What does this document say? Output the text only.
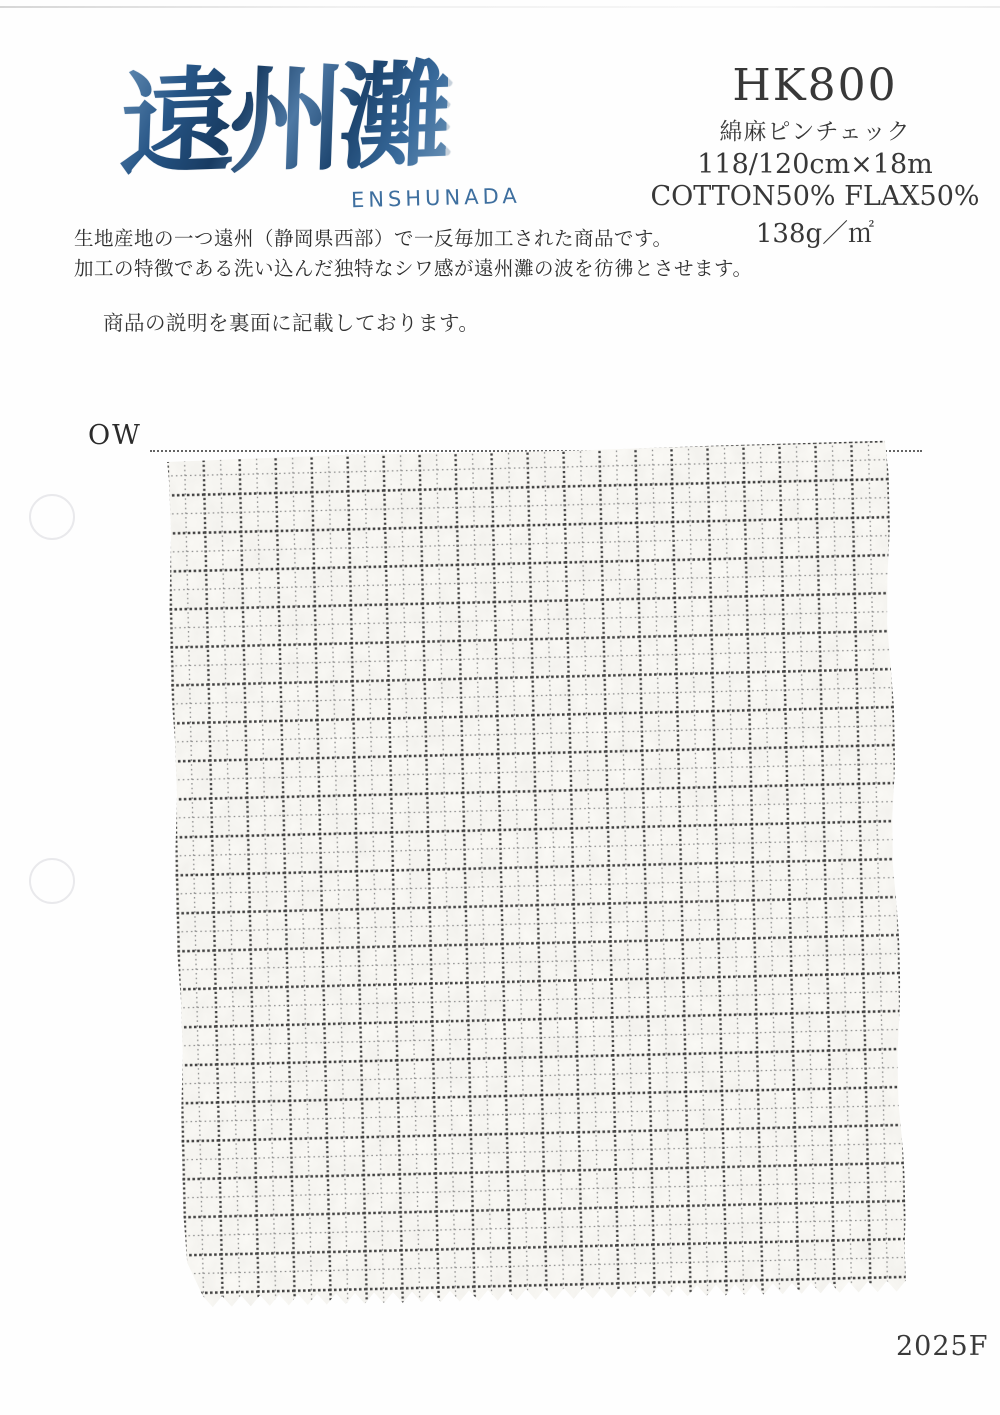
遠州灘
ENSHUNADA
HK800
綿麻ピンチェック
118/120cm×18m
COTTON50% FLAX50%
138g／㎡
生地産地の一つ遠州（静岡県西部）で一反毎加工された商品です。
加工の特徴である洗い込んだ独特なシワ感が遠州灘の波を彷彿とさせます。
商品の説明を裏面に記載しております。
OW
2025F
